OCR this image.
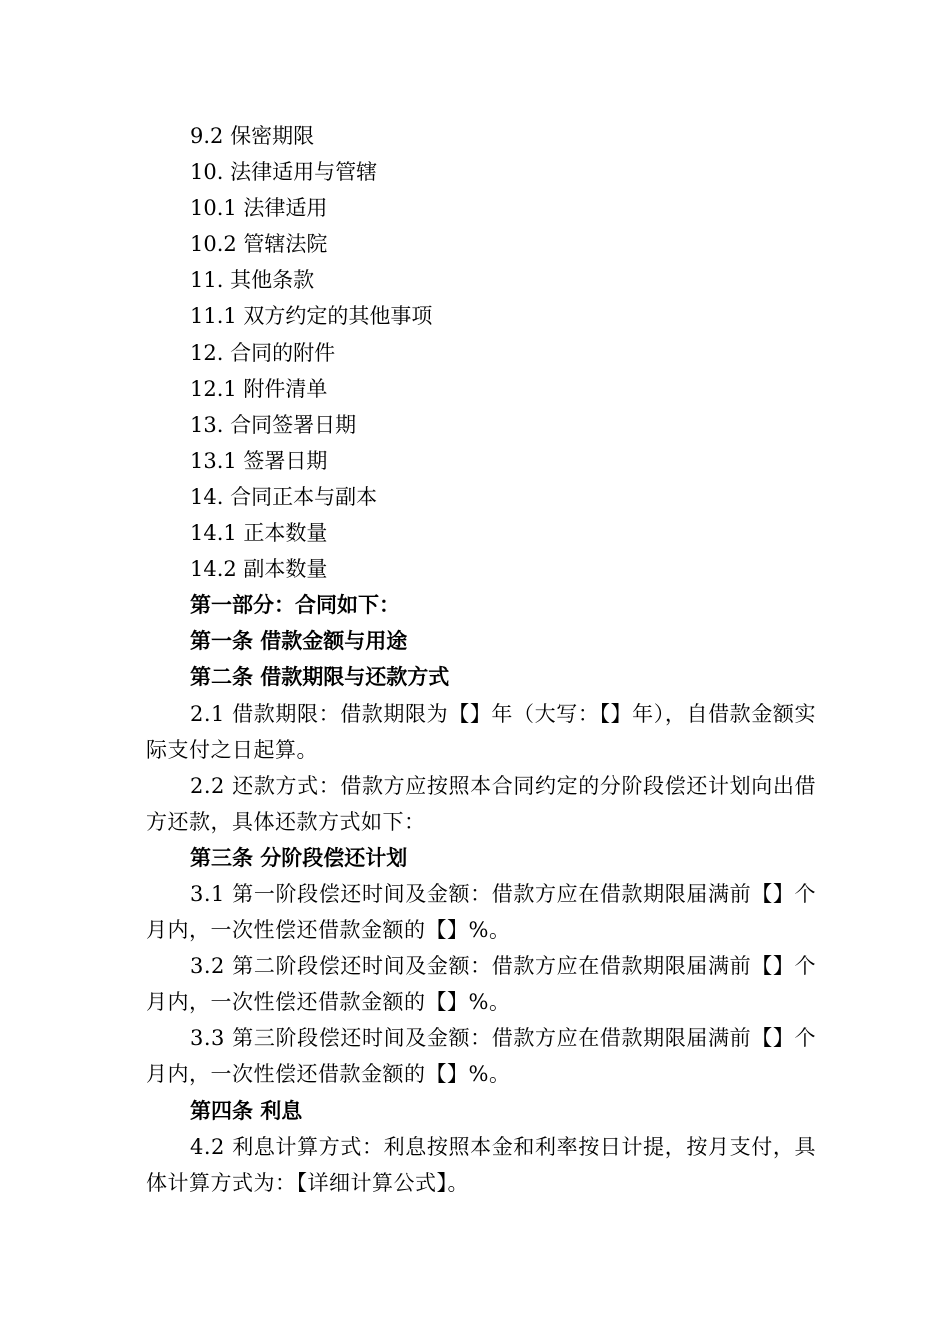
9.2 保密期限
10. 法律适用与管辖
10.1 法律适用
10.2 管辖法院
11. 其他条款
11.1 双方约定的其他事项
12. 合同的附件
12.1 附件清单
13. 合同签署日期
13.1 签署日期
14. 合同正本与副本
14.1 正本数量
14.2 副本数量
第一部分：合同如下：
第一条 借款金额与用途
第二条 借款期限与还款方式

2.1 借款期限：借款期限为【】年（大写：【】年），自借款金额实际支付之日起算。

2.2 还款方式：借款方应按照本合同约定的分阶段偿还计划向出借方还款，具体还款方式如下：

第三条 分阶段偿还计划

3.1 第一阶段偿还时间及金额：借款方应在借款期限届满前【】个月内，一次性偿还借款金额的【】%。

3.2 第二阶段偿还时间及金额：借款方应在借款期限届满前【】个月内，一次性偿还借款金额的【】%。

3.3 第三阶段偿还时间及金额：借款方应在借款期限届满前【】个月内，一次性偿还借款金额的【】%。

第四条 利息

4.2 利息计算方式：利息按照本金和利率按日计提，按月支付，具体计算方式为：【详细计算公式】。
